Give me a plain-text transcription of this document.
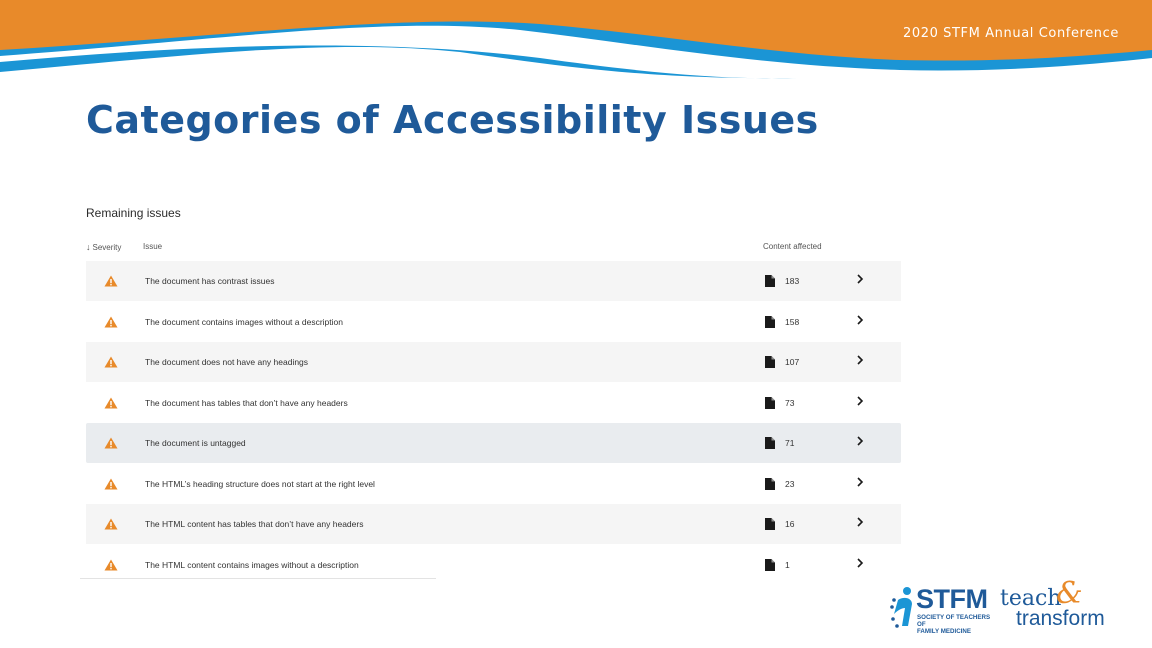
2020 STFM Annual Conference
Categories of Accessibility Issues
Remaining issues
↓ Severity	Issue	Content affected
The document has contrast issues	183
The document contains images without a description	158
The document does not have any headings	107
The document has tables that don’t have any headers	73
The document is untagged	71
The HTML’s heading structure does not start at the right level	23
The HTML content has tables that don’t have any headers	16
The HTML content contains images without a description	1
STFM
SOCIETY OF TEACHERS OF
FAMILY MEDICINE
teach
&
transform
